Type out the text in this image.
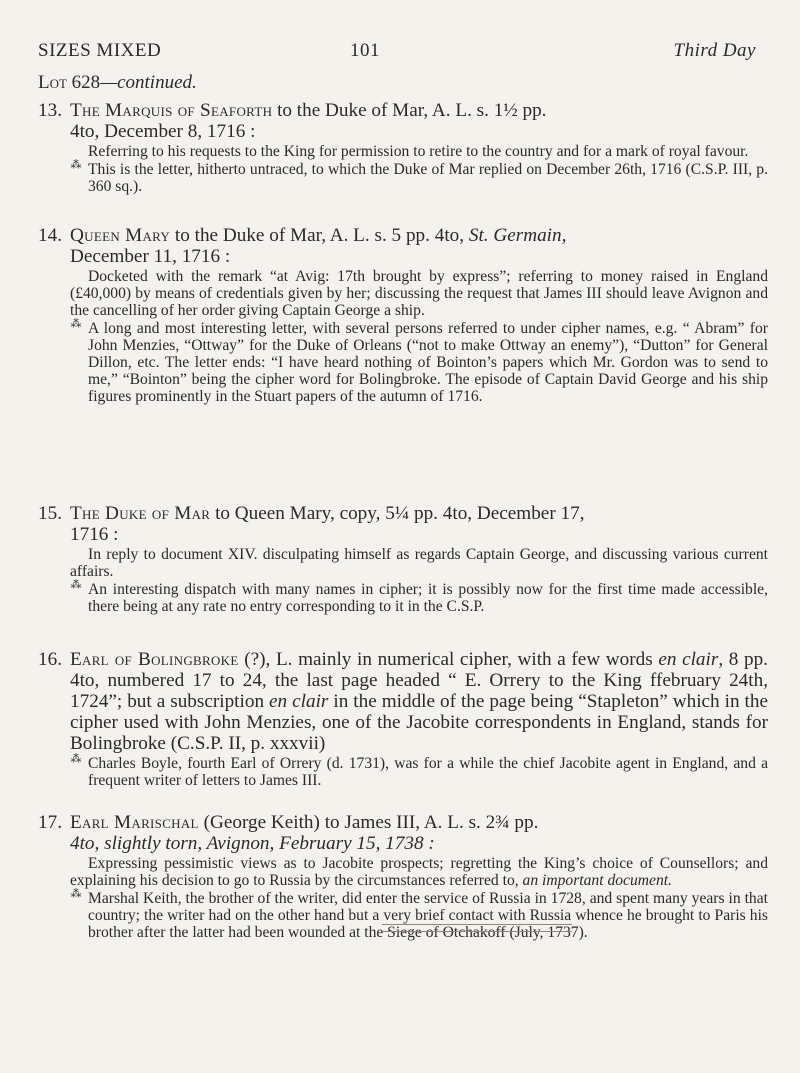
SIZES MIXED	101	Third Day
Lot 628—continued.
13. The Marquis of Seaforth to the Duke of Mar, A. L. s. 1½ pp.
4to, December 8, 1716 :
Referring to his requests to the King for permission to retire to the country and for a mark of royal favour.
⁂ This is the letter, hitherto untraced, to which the Duke of Mar replied on December 26th, 1716 (C.S.P. III, p. 360 sq.).
14. Queen Mary to the Duke of Mar, A. L. s. 5 pp. 4to, St. Germain,
December 11, 1716 :
Docketed with the remark “at Avig: 17th brought by express”; referring to money raised in England (£40,000) by means of credentials given by her; discussing the request that James III should leave Avignon and the cancelling of her order giving Captain George a ship.
⁂ A long and most interesting letter, with several persons referred to under cipher names, e.g. “ Abram” for John Menzies, “Ottway” for the Duke of Orleans (“not to make Ottway an enemy”), “Dutton” for General Dillon, etc. The letter ends: “I have heard nothing of Bointon’s papers which Mr. Gordon was to send to me,” “Bointon” being the cipher word for Bolingbroke. The episode of Captain David George and his ship figures prominently in the Stuart papers of the autumn of 1716.
15. The Duke of Mar to Queen Mary, copy, 5¼ pp. 4to, December 17,
1716 :
In reply to document XIV. disculpating himself as regards Captain George, and discussing various current affairs.
⁂ An interesting dispatch with many names in cipher; it is possibly now for the first time made accessible, there being at any rate no entry corresponding to it in the C.S.P.
16. Earl of Bolingbroke (?), L. mainly in numerical cipher, with a few words en clair, 8 pp. 4to, numbered 17 to 24, the last page headed “ E. Orrery to the King ffebruary 24th, 1724”; but a subscription en clair in the middle of the page being “Stapleton” which in the cipher used with John Menzies, one of the Jacobite correspondents in England, stands for Bolingbroke (C.S.P. II, p. xxxvii)
⁂ Charles Boyle, fourth Earl of Orrery (d. 1731), was for a while the chief Jacobite agent in England, and a frequent writer of letters to James III.
17. Earl Marischal (George Keith) to James III, A. L. s. 2¾ pp.
4to, slightly torn, Avignon, February 15, 1738 :
Expressing pessimistic views as to Jacobite prospects; regretting the King’s choice of Counsellors; and explaining his decision to go to Russia by the circumstances referred to, an important document.
⁂ Marshal Keith, the brother of the writer, did enter the service of Russia in 1728, and spent many years in that country; the writer had on the other hand but a very brief contact with Russia whence he brought to Paris his brother after the latter had been wounded at the Siege of Otchakoff (July, 1737).
